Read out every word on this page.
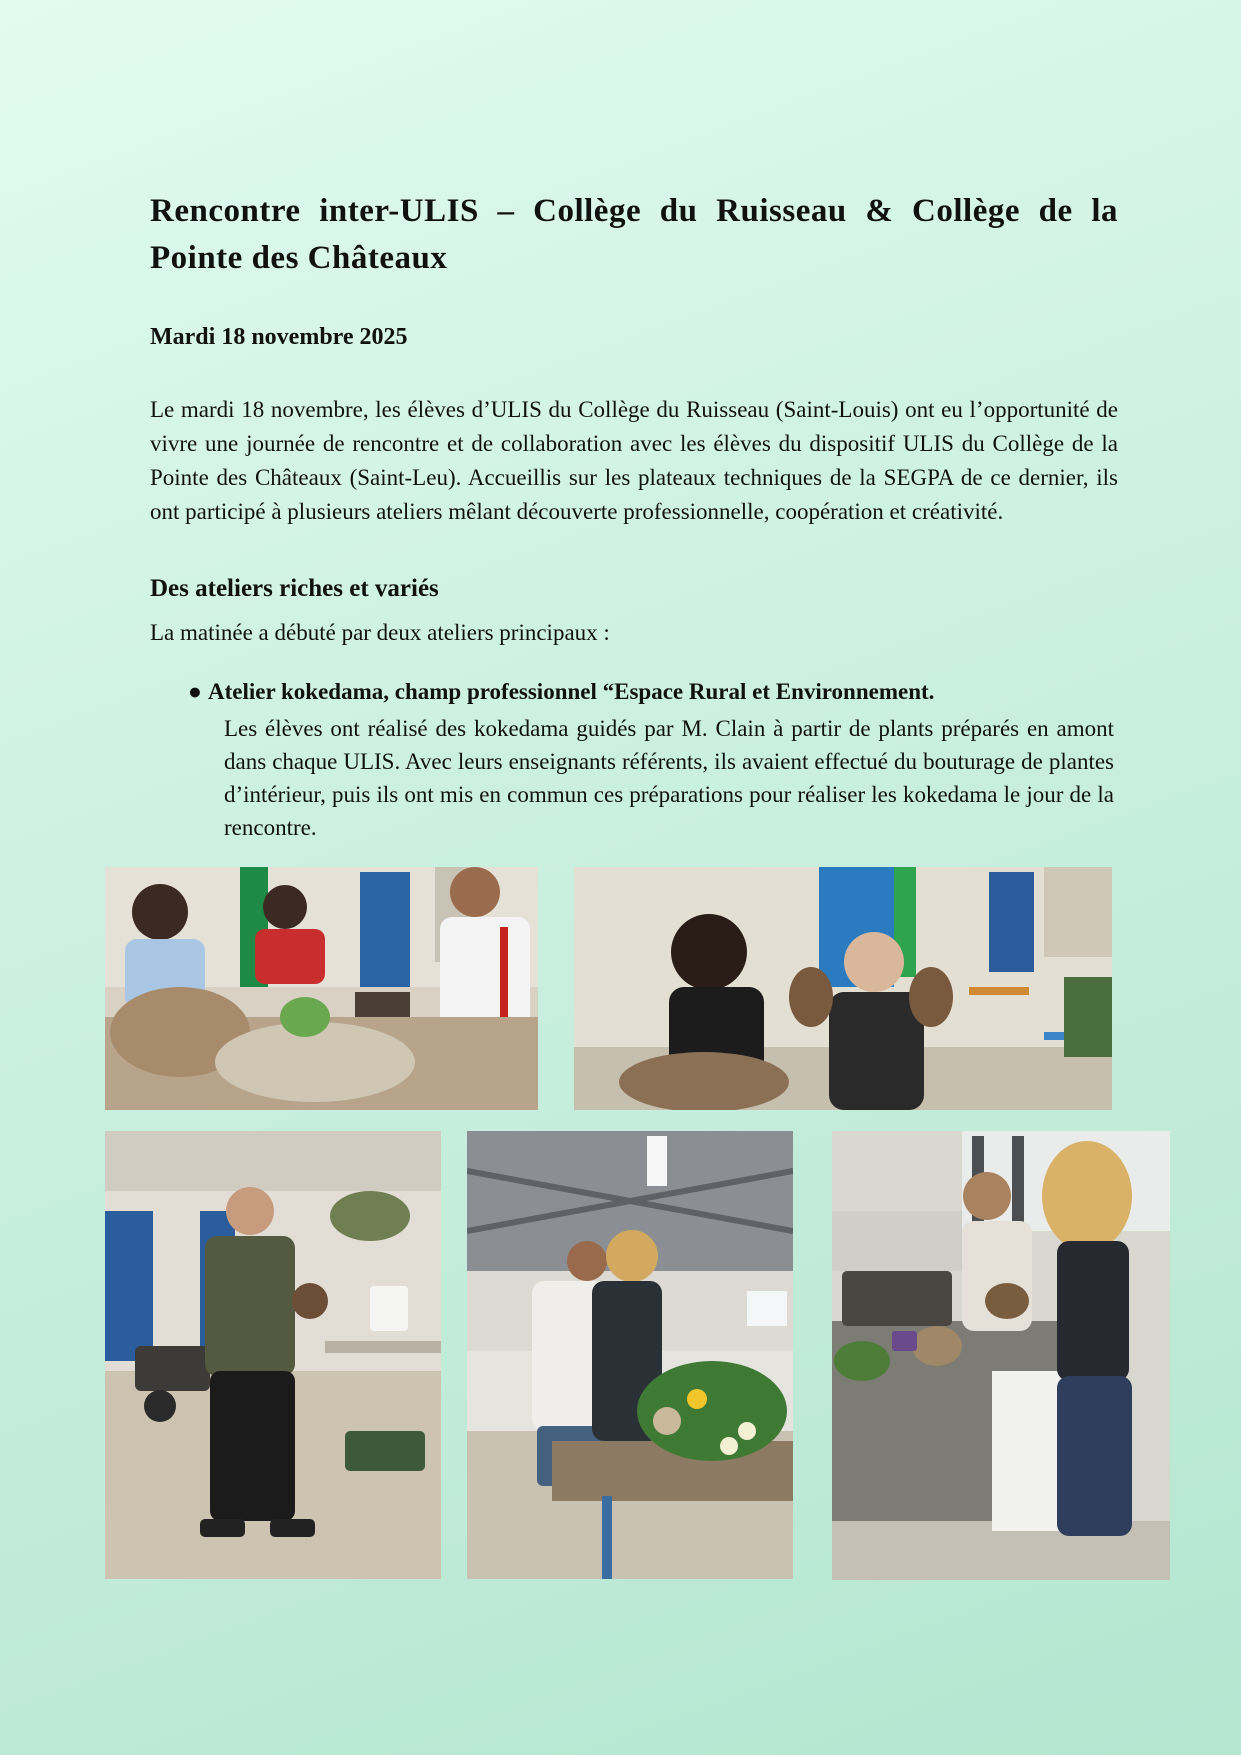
Rencontre inter-ULIS – Collège du Ruisseau & Collège de la Pointe des Châteaux

Mardi 18 novembre 2025

Le mardi 18 novembre, les élèves d’ULIS du Collège du Ruisseau (Saint-Louis) ont eu l’opportunité de vivre une journée de rencontre et de collaboration avec les élèves du dispositif ULIS du Collège de la Pointe des Châteaux (Saint-Leu). Accueillis sur les plateaux techniques de la SEGPA de ce dernier, ils ont participé à plusieurs ateliers mêlant découverte professionnelle, coopération et créativité.

Des ateliers riches et variés

La matinée a débuté par deux ateliers principaux :

● Atelier kokedama, champ professionnel “Espace Rural et Environnement.

Les élèves ont réalisé des kokedama guidés par M. Clain à partir de plants préparés en amont dans chaque ULIS. Avec leurs enseignants référents, ils avaient effectué du bouturage de plantes d’intérieur, puis ils ont mis en commun ces préparations pour réaliser les kokedama le jour de la rencontre.
